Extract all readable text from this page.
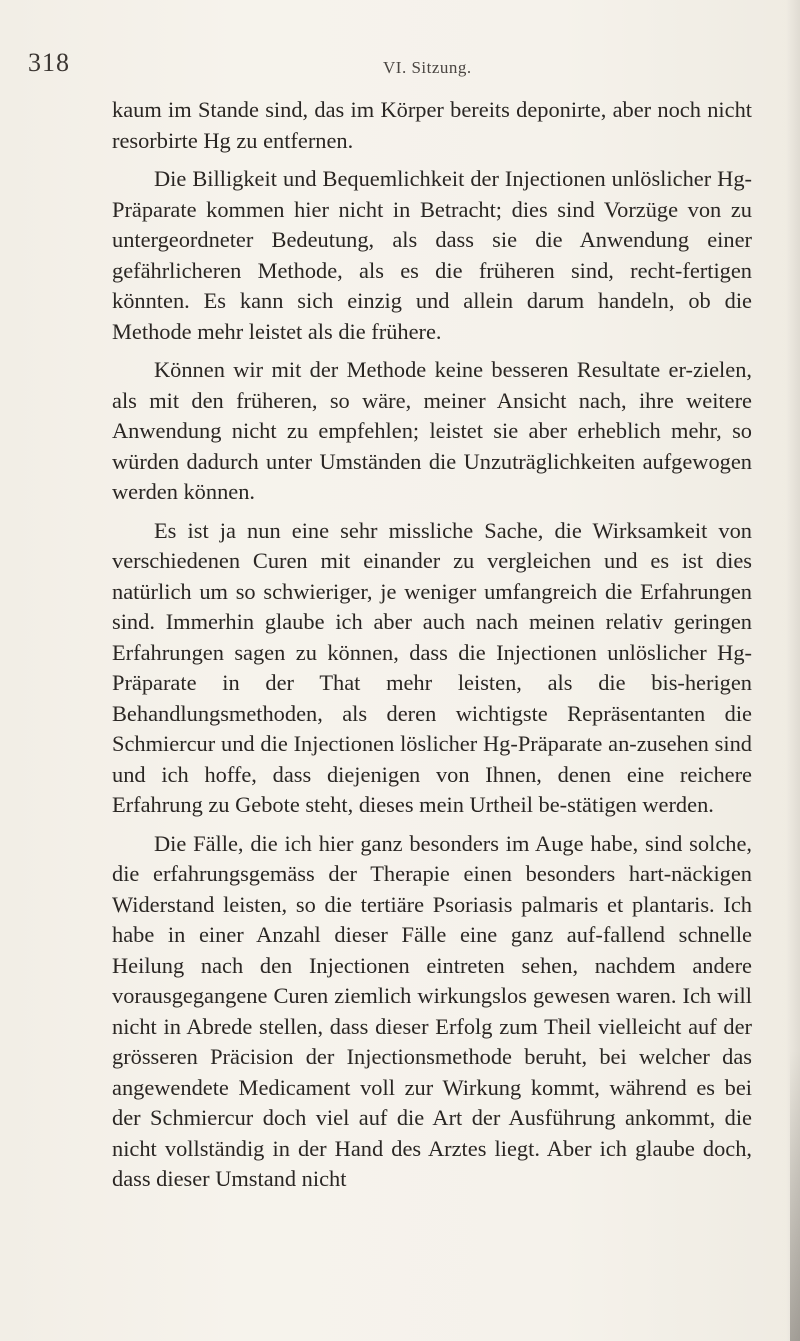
318	VI. Sitzung.

kaum im Stande sind, das im Körper bereits deponirte, aber noch nicht resorbirte Hg zu entfernen.

Die Billigkeit und Bequemlichkeit der Injectionen unlöslicher Hg-Präparate kommen hier nicht in Betracht; dies sind Vorzüge von zu untergeordneter Bedeutung, als dass sie die Anwendung einer gefährlicheren Methode, als es die früheren sind, recht-fertigen könnten. Es kann sich einzig und allein darum handeln, ob die Methode mehr leistet als die frühere.

Können wir mit der Methode keine besseren Resultate er-zielen, als mit den früheren, so wäre, meiner Ansicht nach, ihre weitere Anwendung nicht zu empfehlen; leistet sie aber erheblich mehr, so würden dadurch unter Umständen die Unzuträglichkeiten aufgewogen werden können.

Es ist ja nun eine sehr missliche Sache, die Wirksamkeit von verschiedenen Curen mit einander zu vergleichen und es ist dies natürlich um so schwieriger, je weniger umfangreich die Erfahrungen sind. Immerhin glaube ich aber auch nach meinen relativ geringen Erfahrungen sagen zu können, dass die Injectionen unlöslicher Hg-Präparate in der That mehr leisten, als die bis-herigen Behandlungsmethoden, als deren wichtigste Repräsentanten die Schmiercur und die Injectionen löslicher Hg-Präparate an-zusehen sind und ich hoffe, dass diejenigen von Ihnen, denen eine reichere Erfahrung zu Gebote steht, dieses mein Urtheil be-stätigen werden.

Die Fälle, die ich hier ganz besonders im Auge habe, sind solche, die erfahrungsgemäss der Therapie einen besonders hart-näckigen Widerstand leisten, so die tertiäre Psoriasis palmaris et plantaris. Ich habe in einer Anzahl dieser Fälle eine ganz auf-fallend schnelle Heilung nach den Injectionen eintreten sehen, nachdem andere vorausgegangene Curen ziemlich wirkungslos gewesen waren. Ich will nicht in Abrede stellen, dass dieser Erfolg zum Theil vielleicht auf der grösseren Präcision der Injectionsmethode beruht, bei welcher das angewendete Medicament voll zur Wirkung kommt, während es bei der Schmiercur doch viel auf die Art der Ausführung ankommt, die nicht vollständig in der Hand des Arztes liegt. Aber ich glaube doch, dass dieser Umstand nicht
